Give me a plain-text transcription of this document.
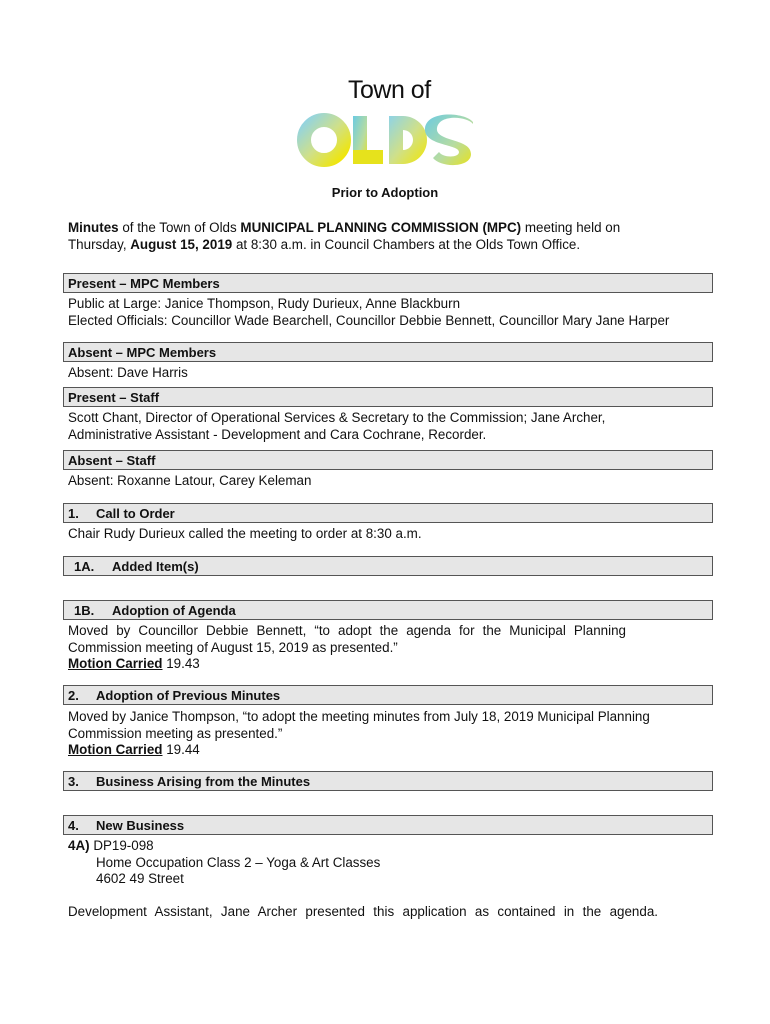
Town of
Prior to Adoption
Minutes of the Town of Olds MUNICIPAL PLANNING COMMISSION (MPC) meeting held on
Thursday, August 15, 2019 at 8:30 a.m. in Council Chambers at the Olds Town Office.
Present – MPC Members
Public at Large: Janice Thompson, Rudy Durieux, Anne Blackburn
Elected Officials: Councillor Wade Bearchell, Councillor Debbie Bennett, Councillor Mary Jane Harper
Absent – MPC Members
Absent: Dave Harris
Present – Staff
Scott Chant, Director of Operational Services & Secretary to the Commission; Jane Archer,
Administrative Assistant - Development and Cara Cochrane, Recorder.
Absent – Staff
Absent: Roxanne Latour, Carey Keleman
1. Call to Order
Chair Rudy Durieux called the meeting to order at 8:30 a.m.
1A. Added Item(s)
1B. Adoption of Agenda
Moved by Councillor Debbie Bennett, “to adopt the agenda for the Municipal Planning
Commission meeting of August 15, 2019 as presented.”
Motion Carried 19.43
2. Adoption of Previous Minutes
Moved by Janice Thompson, “to adopt the meeting minutes from July 18, 2019 Municipal Planning
Commission meeting as presented.”
Motion Carried 19.44
3. Business Arising from the Minutes
4. New Business
4A) DP19-098
Home Occupation Class 2 – Yoga & Art Classes
4602 49 Street
Development Assistant, Jane Archer presented this application as contained in the agenda.
